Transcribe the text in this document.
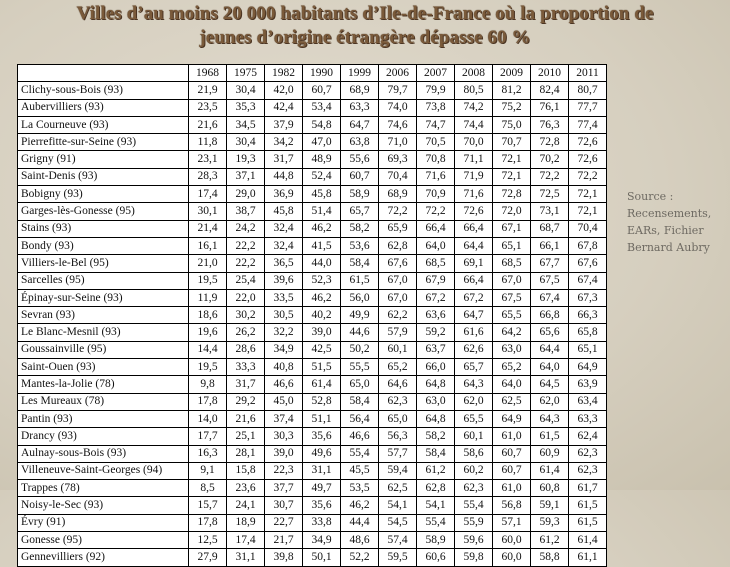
Villes d’au moins 20 000 habitants d’Ile-de-France où la proportion de
jeunes d’origine étrangère dépasse 60 %
	1968	1975	1982	1990	1999	2006	2007	2008	2009	2010	2011
Clichy-sous-Bois (93)	21,9	30,4	42,0	60,7	68,9	79,7	79,9	80,5	81,2	82,4	80,7
Aubervilliers (93)	23,5	35,3	42,4	53,4	63,3	74,0	73,8	74,2	75,2	76,1	77,7
La Courneuve (93)	21,6	34,5	37,9	54,8	64,7	74,6	74,7	74,4	75,0	76,3	77,4
Pierrefitte-sur-Seine (93)	11,8	30,4	34,2	47,0	63,8	71,0	70,5	70,0	70,7	72,8	72,6
Grigny (91)	23,1	19,3	31,7	48,9	55,6	69,3	70,8	71,1	72,1	70,2	72,6
Saint-Denis (93)	28,3	37,1	44,8	52,4	60,7	70,4	71,6	71,9	72,1	72,2	72,2
Bobigny (93)	17,4	29,0	36,9	45,8	58,9	68,9	70,9	71,6	72,8	72,5	72,1
Garges-lès-Gonesse (95)	30,1	38,7	45,8	51,4	65,7	72,2	72,2	72,6	72,0	73,1	72,1
Stains (93)	21,4	24,2	32,4	46,2	58,2	65,9	66,4	66,4	67,1	68,7	70,4
Bondy (93)	16,1	22,2	32,4	41,5	53,6	62,8	64,0	64,4	65,1	66,1	67,8
Villiers-le-Bel (95)	21,0	22,2	36,5	44,0	58,4	67,6	68,5	69,1	68,5	67,7	67,6
Sarcelles (95)	19,5	25,4	39,6	52,3	61,5	67,0	67,9	66,4	67,0	67,5	67,4
Épinay-sur-Seine (93)	11,9	22,0	33,5	46,2	56,0	67,0	67,2	67,2	67,5	67,4	67,3
Sevran (93)	18,6	30,2	30,5	40,2	49,9	62,2	63,6	64,7	65,5	66,8	66,3
Le Blanc-Mesnil (93)	19,6	26,2	32,2	39,0	44,6	57,9	59,2	61,6	64,2	65,6	65,8
Goussainville (95)	14,4	28,6	34,9	42,5	50,2	60,1	63,7	62,6	63,0	64,4	65,1
Saint-Ouen (93)	19,5	33,3	40,8	51,5	55,5	65,2	66,0	65,7	65,2	64,0	64,9
Mantes-la-Jolie (78)	9,8	31,7	46,6	61,4	65,0	64,6	64,8	64,3	64,0	64,5	63,9
Les Mureaux (78)	17,8	29,2	45,0	52,8	58,4	62,3	63,0	62,0	62,5	62,0	63,4
Pantin (93)	14,0	21,6	37,4	51,1	56,4	65,0	64,8	65,5	64,9	64,3	63,3
Drancy (93)	17,7	25,1	30,3	35,6	46,6	56,3	58,2	60,1	61,0	61,5	62,4
Aulnay-sous-Bois (93)	16,3	28,1	39,0	49,6	55,4	57,7	58,4	58,6	60,7	60,9	62,3
Villeneuve-Saint-Georges (94)	9,1	15,8	22,3	31,1	45,5	59,4	61,2	60,2	60,7	61,4	62,3
Trappes (78)	8,5	23,6	37,7	49,7	53,5	62,5	62,8	62,3	61,0	60,8	61,7
Noisy-le-Sec (93)	15,7	24,1	30,7	35,6	46,2	54,1	54,1	55,4	56,8	59,1	61,5
Évry (91)	17,8	18,9	22,7	33,8	44,4	54,5	55,4	55,9	57,1	59,3	61,5
Gonesse (95)	12,5	17,4	21,7	34,9	48,6	57,4	58,9	59,6	60,0	61,2	61,4
Gennevilliers (92)	27,9	31,1	39,8	50,1	52,2	59,5	60,6	59,8	60,0	58,8	61,1
Source :
Recensements,
EARs, Fichier
Bernard Aubry
